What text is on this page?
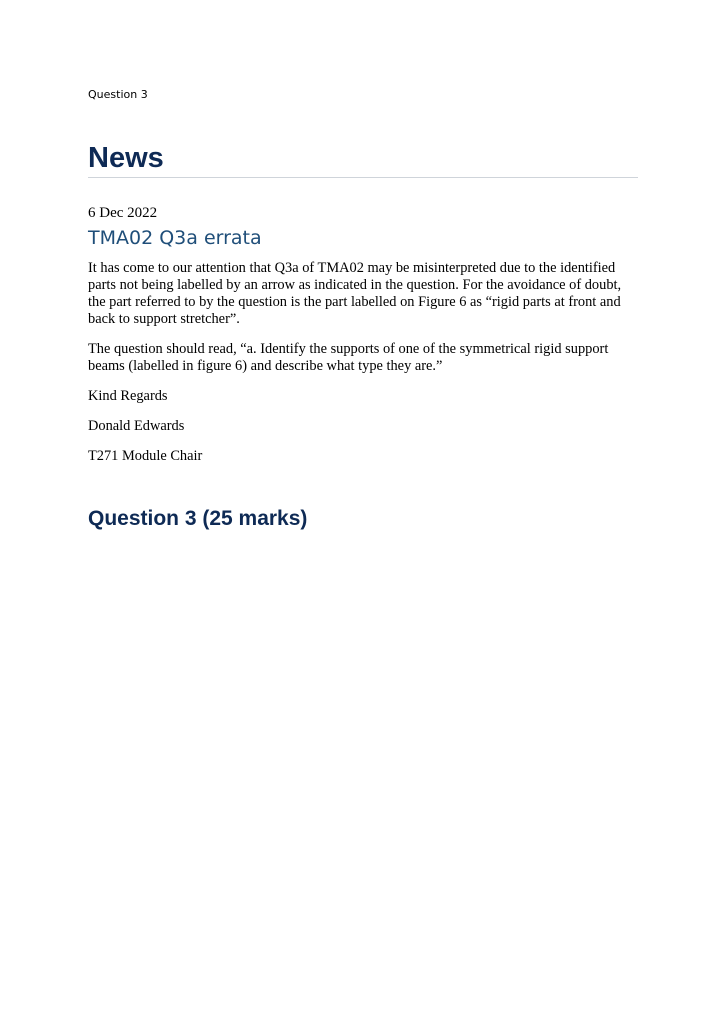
Question 3
News
6 Dec 2022
TMA02 Q3a errata

It has come to our attention that Q3a of TMA02 may be misinterpreted due to the identified parts not being labelled by an arrow as indicated in the question. For the avoidance of doubt, the part referred to by the question is the part labelled on Figure 6 as “rigid parts at front and back to support stretcher”.

The question should read, “a. Identify the supports of one of the symmetrical rigid support beams (labelled in figure 6) and describe what type they are.”

Kind Regards

Donald Edwards

T271 Module Chair

Question 3 (25 marks)
